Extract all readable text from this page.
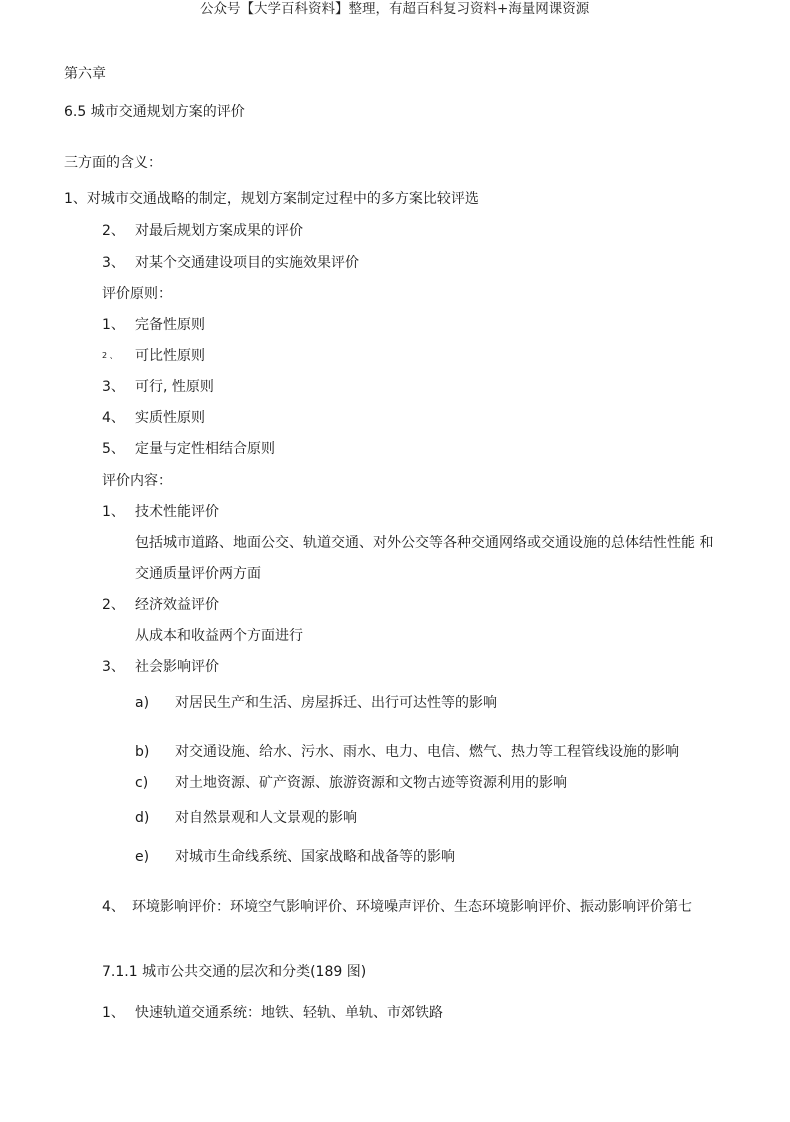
公众号【大学百科资料】整理，有超百科复习资料+海量网课资源
第六章
6.5 城市交通规划方案的评价
三方面的含义：
1、对城市交通战略的制定，规划方案制定过程中的多方案比较评选
2、 对最后规划方案成果的评价
3、 对某个交通建设项目的实施效果评价
评价原则：
1、 完备性原则
2 、 可比性原则
3、 可行, 性原则
4、 实质性原则
5、 定量与定性相结合原则
评价内容：
1、 技术性能评价
包括城市道路、地面公交、轨道交通、对外公交等各种交通网络或交通设施的总体结性性能 和
交通质量评价两方面
2、 经济效益评价
从成本和收益两个方面进行
3、 社会影响评价
a) 对居民生产和生活、房屋拆迁、出行可达性等的影响
b) 对交通设施、给水、污水、雨水、电力、电信、燃气、热力等工程管线设施的影响
c) 对土地资源、矿产资源、旅游资源和文物古迹等资源利用的影响
d) 对自然景观和人文景观的影响
e) 对城市生命线系统、国家战略和战备等的影响
4、 环境影响评价：环境空气影响评价、环境噪声评价、生态环境影响评价、振动影响评价第七
7.1.1 城市公共交通的层次和分类(189 图)
1、 快速轨道交通系统：地铁、轻轨、单轨、市郊铁路
